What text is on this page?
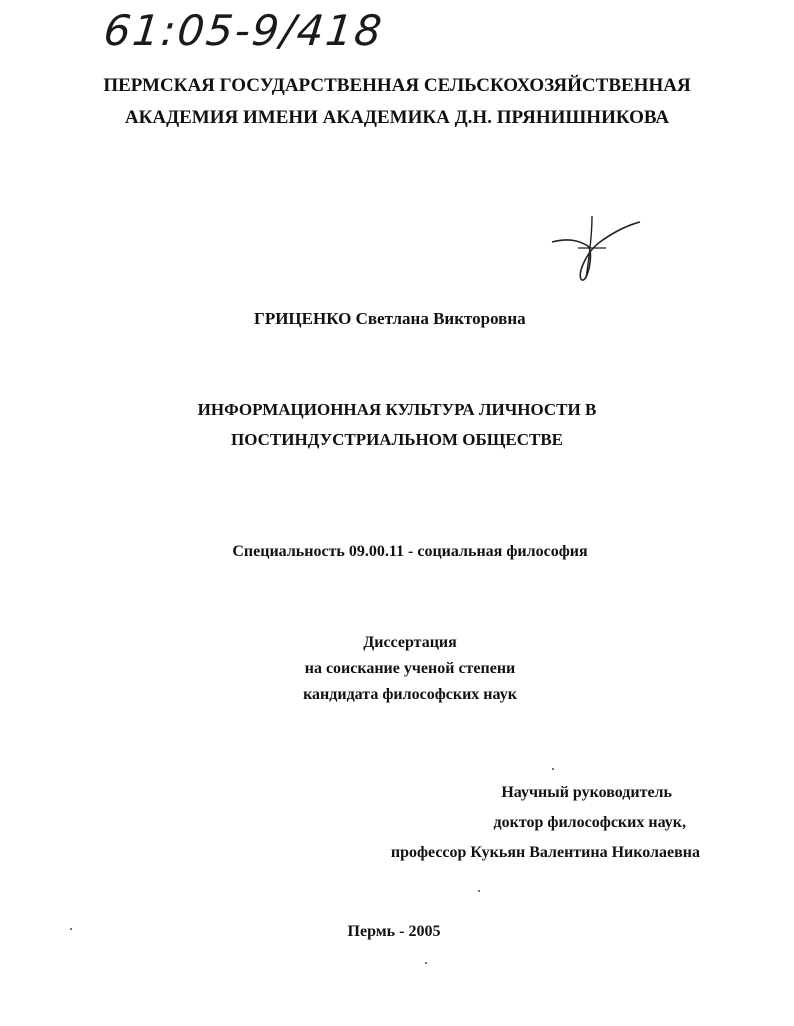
61:05-9/418
ПЕРМСКАЯ ГОСУДАРСТВЕННАЯ СЕЛЬСКОХОЗЯЙСТВЕННАЯ
АКАДЕМИЯ ИМЕНИ АКАДЕМИКА Д.Н. ПРЯНИШНИКОВА
ГРИЦЕНКО Светлана Викторовна
ИНФОРМАЦИОННАЯ КУЛЬТУРА ЛИЧНОСТИ В
ПОСТИНДУСТРИАЛЬНОМ ОБЩЕСТВЕ
Специальность 09.00.11 - социальная философия
Диссертация
на соискание ученой степени
кандидата философских наук
Научный руководитель
доктор философских наук,
профессор Кукьян Валентина Николаевна
Пермь - 2005
